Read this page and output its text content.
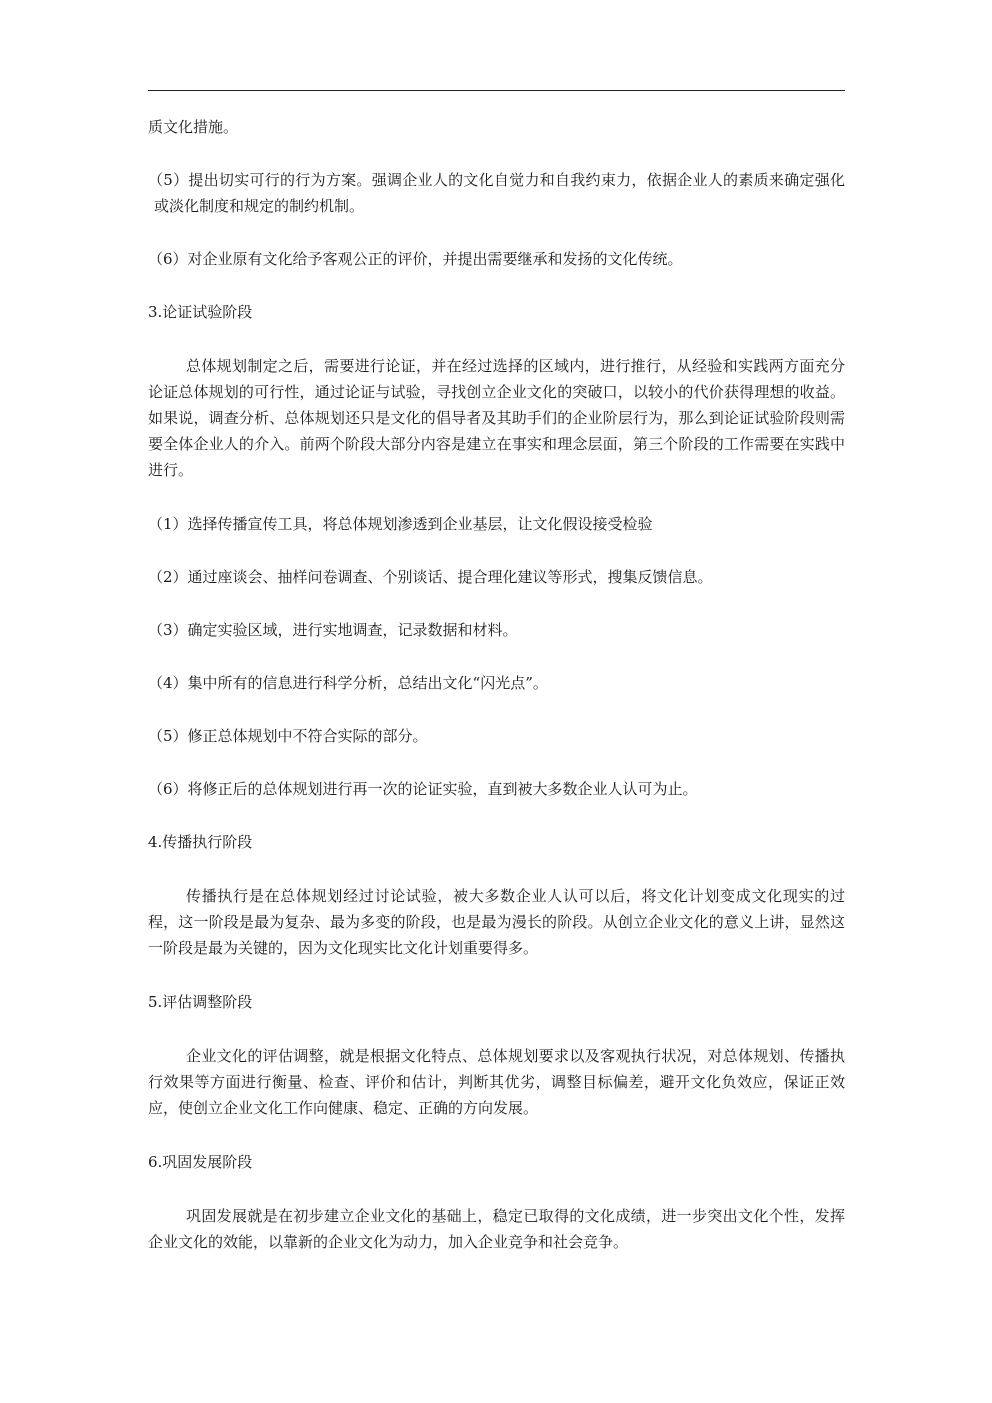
质文化措施。

（5）提出切实可行的行为方案。强调企业人的文化自觉力和自我约束力，依据企业人的素质来确定强化或淡化制度和规定的制约机制。

（6）对企业原有文化给予客观公正的评价，并提出需要继承和发扬的文化传统。

3.论证试验阶段

总体规划制定之后，需要进行论证，并在经过选择的区域内，进行推行，从经验和实践两方面充分论证总体规划的可行性，通过论证与试验，寻找创立企业文化的突破口，以较小的代价获得理想的收益。如果说，调查分析、总体规划还只是文化的倡导者及其助手们的企业阶层行为，那么到论证试验阶段则需要全体企业人的介入。前两个阶段大部分内容是建立在事实和理念层面，第三个阶段的工作需要在实践中进行。

（1）选择传播宣传工具，将总体规划渗透到企业基层，让文化假设接受检验

（2）通过座谈会、抽样问卷调查、个别谈话、提合理化建议等形式，搜集反馈信息。

（3）确定实验区域，进行实地调查，记录数据和材料。

（4）集中所有的信息进行科学分析，总结出文化“闪光点”。

（5）修正总体规划中不符合实际的部分。

（6）将修正后的总体规划进行再一次的论证实验，直到被大多数企业人认可为止。

4.传播执行阶段

传播执行是在总体规划经过讨论试验，被大多数企业人认可以后，将文化计划变成文化现实的过程，这一阶段是最为复杂、最为多变的阶段，也是最为漫长的阶段。从创立企业文化的意义上讲，显然这一阶段是最为关键的，因为文化现实比文化计划重要得多。

5.评估调整阶段

企业文化的评估调整，就是根据文化特点、总体规划要求以及客观执行状况，对总体规划、传播执行效果等方面进行衡量、检查、评价和估计，判断其优劣，调整目标偏差，避开文化负效应，保证正效应，使创立企业文化工作向健康、稳定、正确的方向发展。

6.巩固发展阶段

巩固发展就是在初步建立企业文化的基础上，稳定已取得的文化成绩，进一步突出文化个性，发挥企业文化的效能，以靠新的企业文化为动力，加入企业竞争和社会竞争。
